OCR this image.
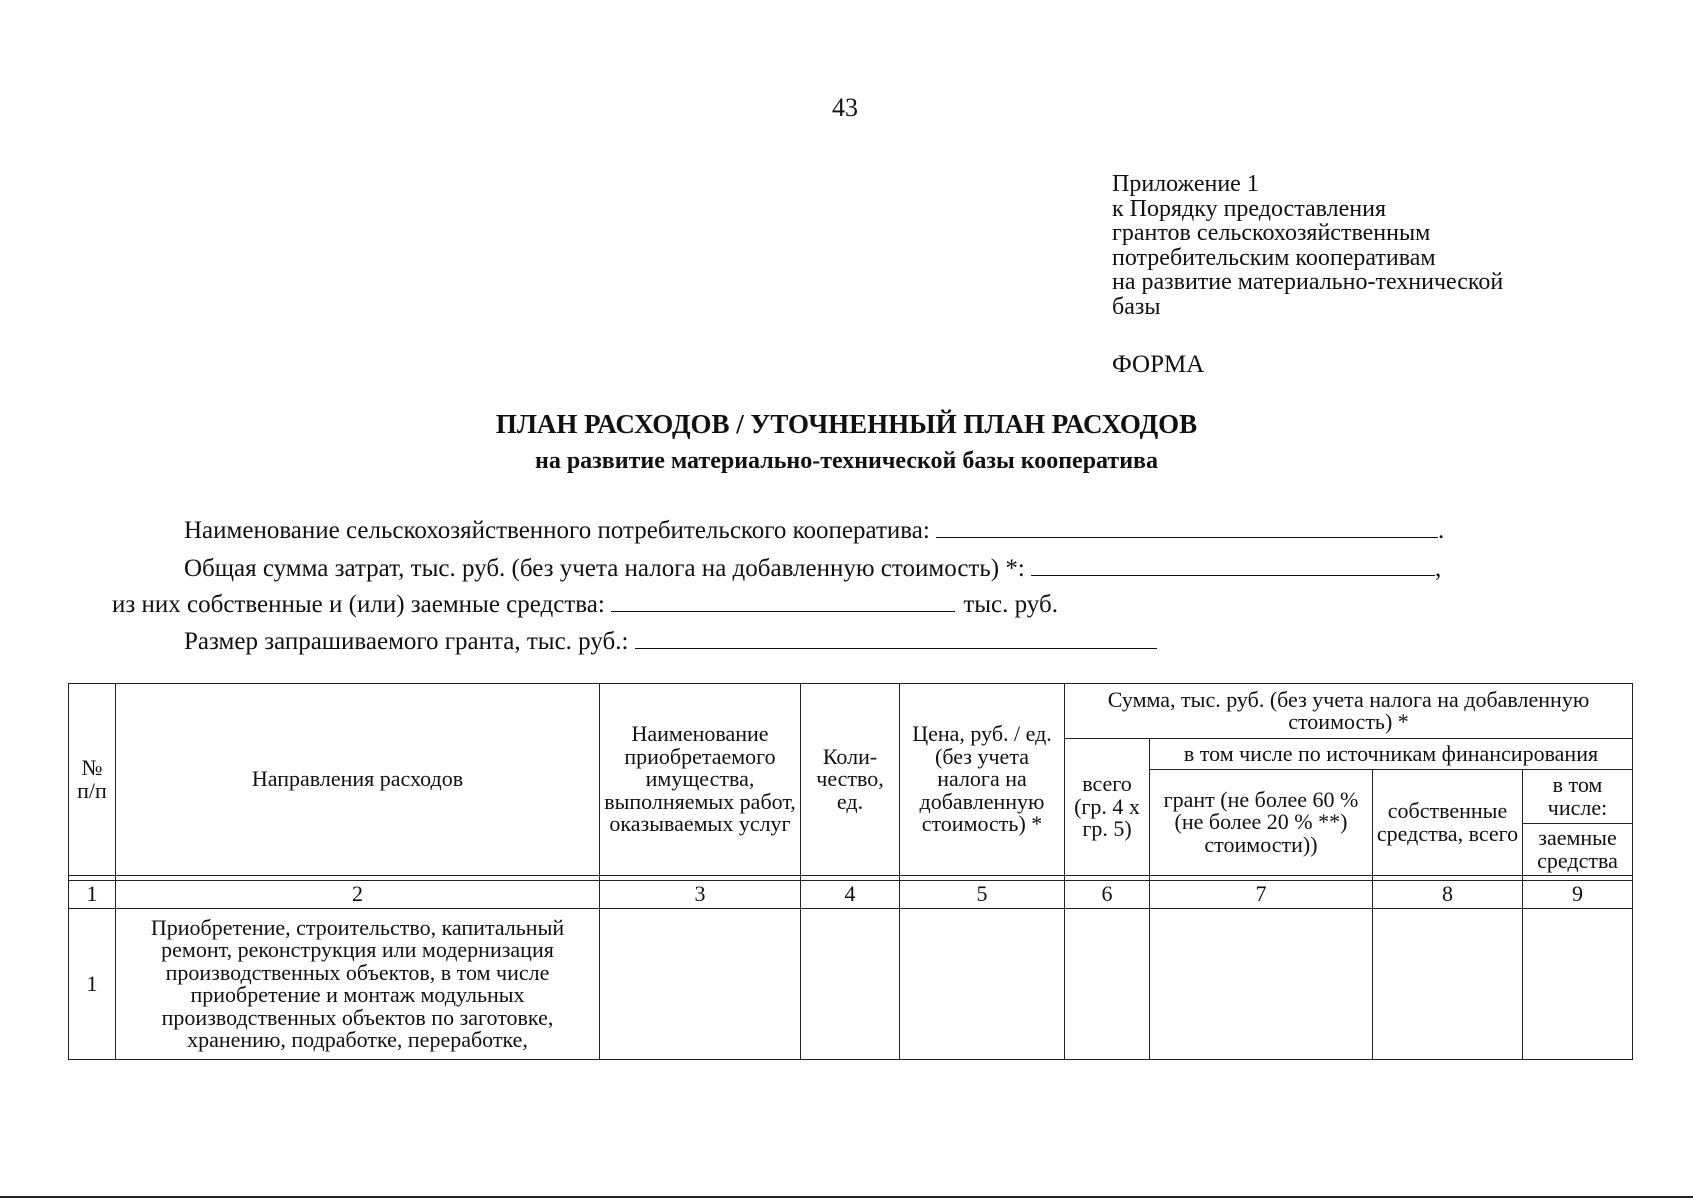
43
Приложение 1
к Порядку предоставления
грантов сельскохозяйственным
потребительским кооперативам
на развитие материально-технической
базы
ФОРМА
ПЛАН РАСХОДОВ / УТОЧНЕННЫЙ ПЛАН РАСХОДОВ
на развитие материально-технической базы кооператива
Наименование сельскохозяйственного потребительского кооператива:	.
Общая сумма затрат, тыс. руб. (без учета налога на добавленную стоимость) *:	,
из них собственные и (или) заемные средства:	тыс. руб.
Размер запрашиваемого гранта, тыс. руб.:
№ п/п	Направления расходов	Наименование приобретаемого имущества, выполняемых работ, оказываемых услуг	Коли-чество, ед.	Цена, руб. / ед. (без учета налога на добавленную стоимость) *	Сумма, тыс. руб. (без учета налога на добавленную стоимость) *			
					всего (гр. 4 х гр. 5)	в том числе по источникам финансирования		
						грант (не более 60 % (не более 20 % **) стоимости))	собственные средства, всего	в том числе:
								заемные средства

1	2	3	4	5	6	7	8	9
1	Приобретение, строительство, капитальный ремонт, реконструкция или модернизация производственных объектов, в том числе приобретение и монтаж модульных производственных объектов по заготовке, хранению, подработке, переработке,							
